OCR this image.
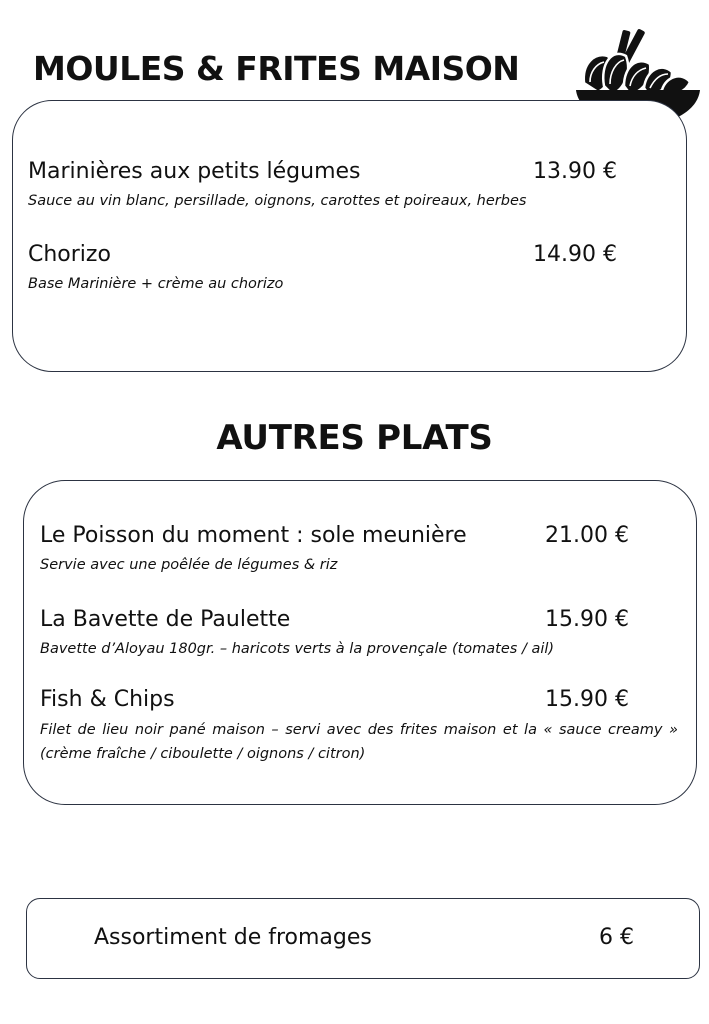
MOULES & FRITES MAISON
Marinières aux petits légumes	13.90 €
Sauce au vin blanc, persillade, oignons, carottes et poireaux, herbes
Chorizo	14.90 €
Base Marinière + crème au chorizo
AUTRES PLATS
Le Poisson du moment : sole meunière	21.00 €
Servie avec une poêlée de légumes & riz
La Bavette de Paulette	15.90 €
Bavette d’Aloyau 180gr. – haricots verts à la provençale (tomates / ail)
Fish & Chips	15.90 €
Filet de lieu noir pané maison – servi avec des frites maison et la « sauce creamy » (crème fraîche / ciboulette / oignons / citron)
Assortiment de fromages	6 €
